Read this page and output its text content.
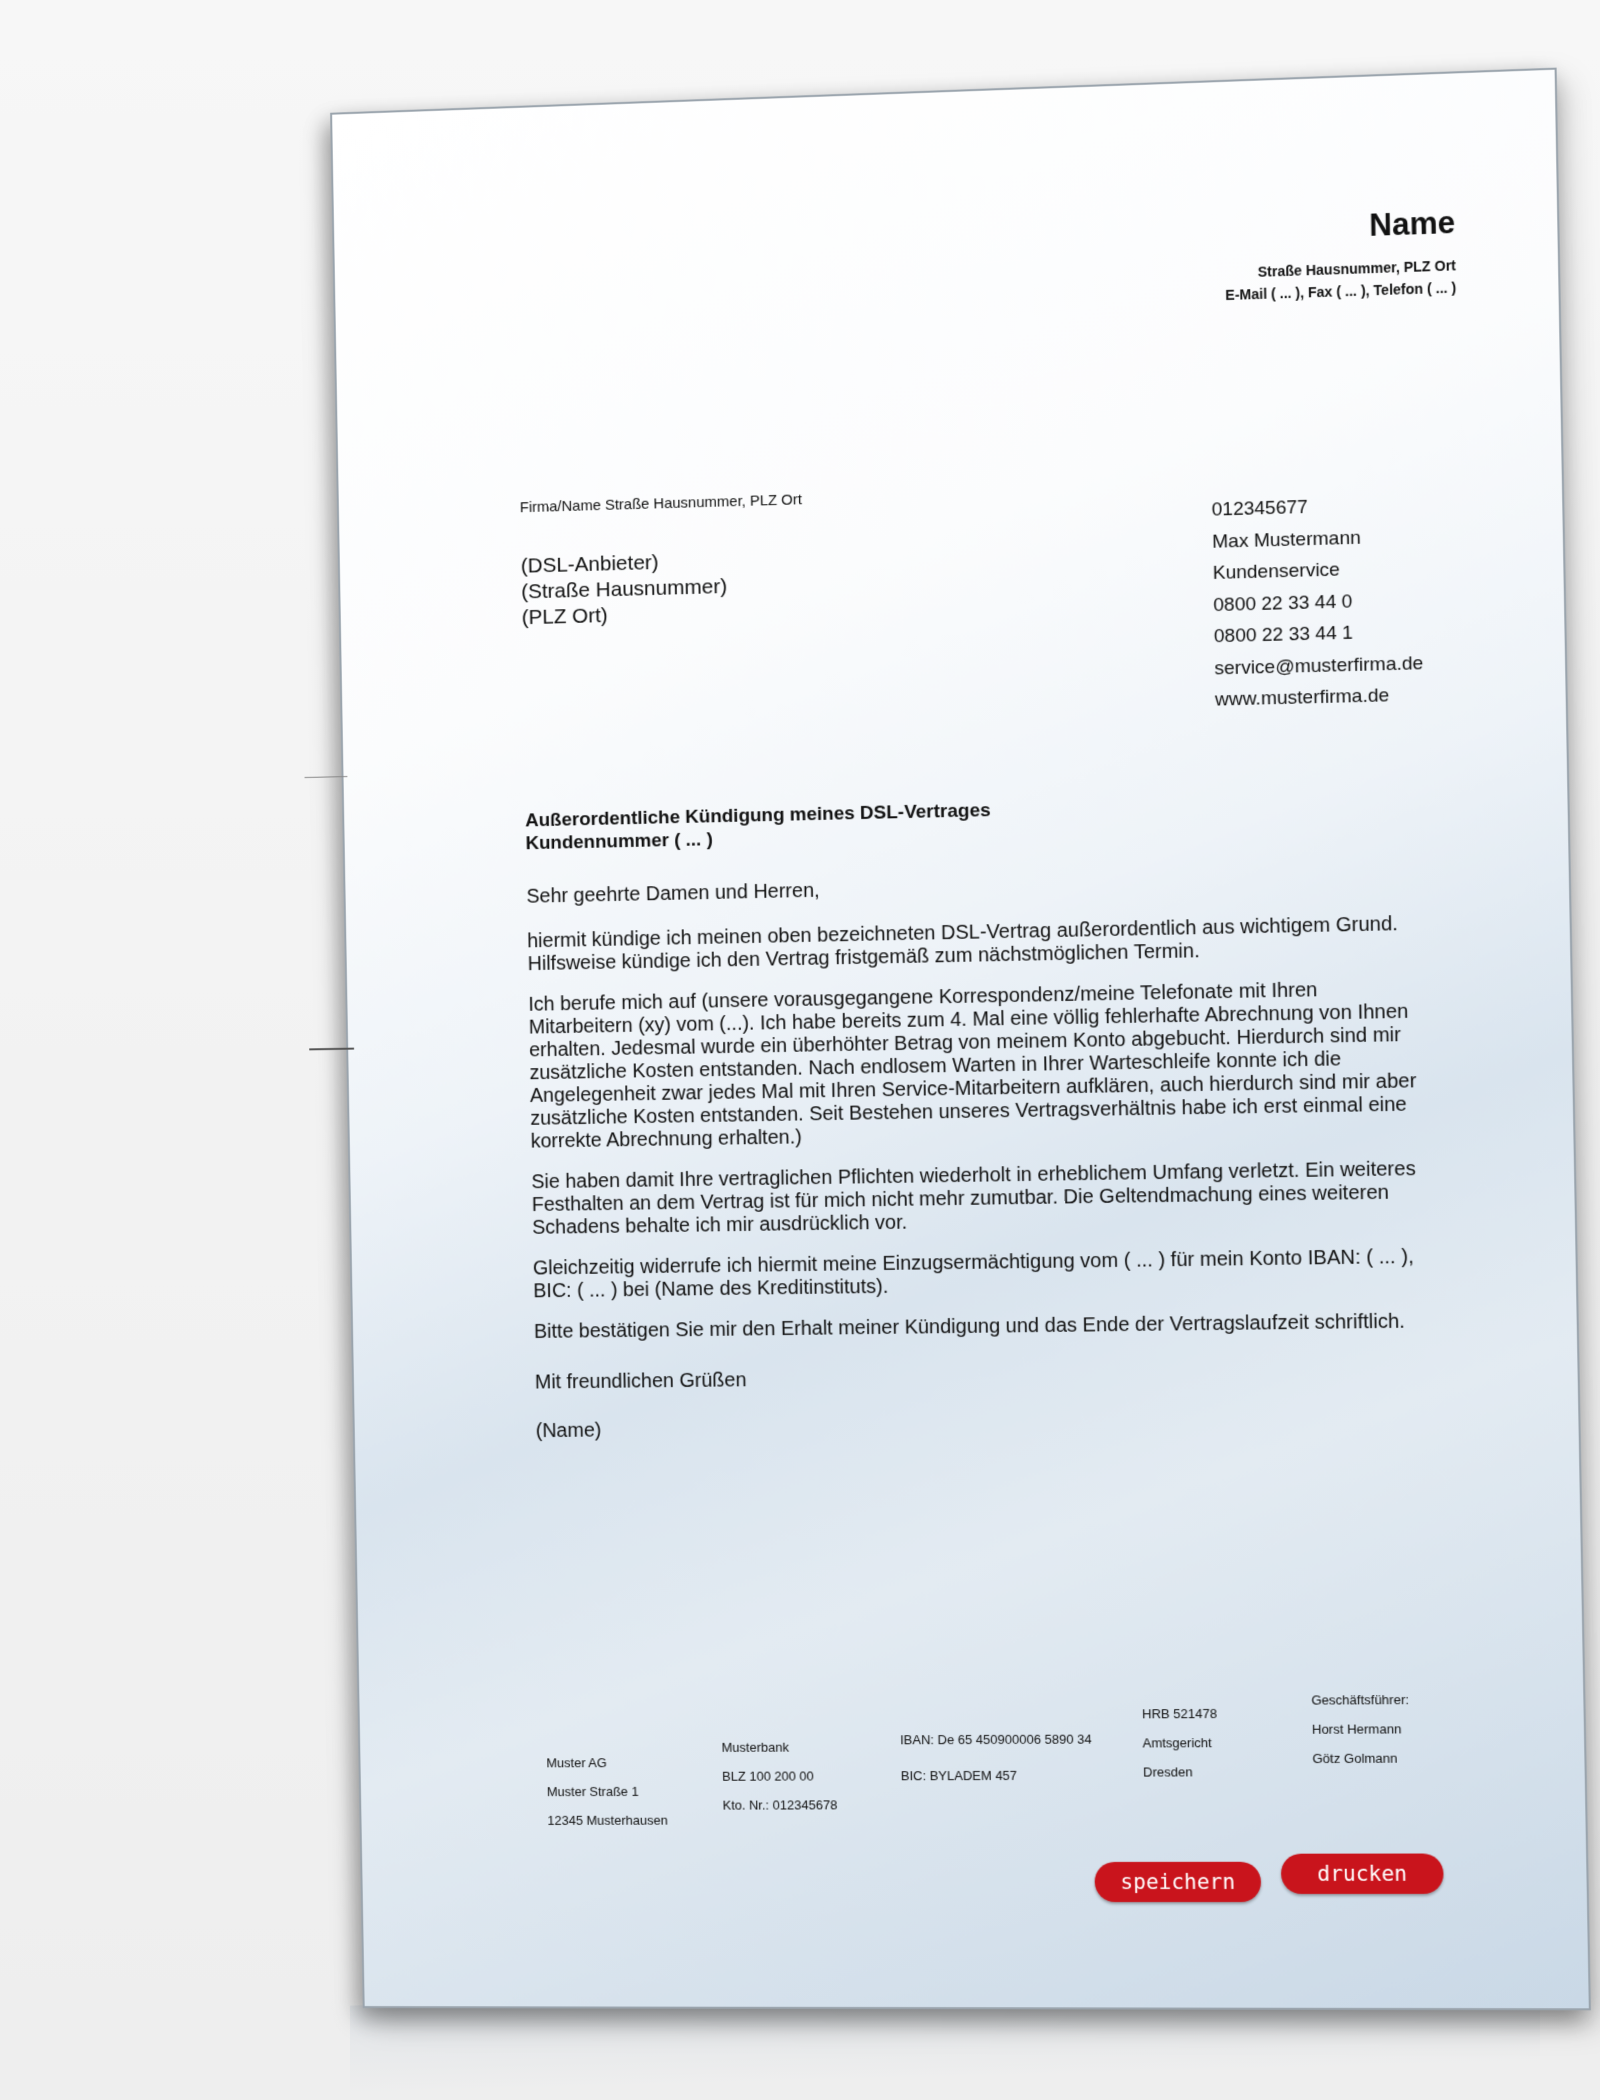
Name
Straße Hausnummer, PLZ Ort
E-Mail ( ... ), Fax ( ... ), Telefon ( ... )
Firma/Name Straße Hausnummer, PLZ Ort
(DSL-Anbieter)
(Straße Hausnummer)
(PLZ Ort)
012345677
Max Mustermann
Kundenservice
0800 22 33 44 0
0800 22 33 44 1
service@musterfirma.de
www.musterfirma.de
Außerordentliche Kündigung meines DSL-Vertrages
Kundennummer ( ... )

Sehr geehrte Damen und Herren,

hiermit kündige ich meinen oben bezeichneten DSL-Vertrag außerordentlich aus wichtigem Grund. Hilfsweise kündige ich den Vertrag fristgemäß zum nächstmöglichen Termin.

Ich berufe mich auf (unsere vorausgegangene Korrespondenz/meine Telefonate mit Ihren Mitarbeitern (xy) vom (...). Ich habe bereits zum 4. Mal eine völlig fehlerhafte Abrechnung von Ihnen erhalten. Jedesmal wurde ein überhöhter Betrag von meinem Konto abgebucht. Hierdurch sind mir zusätzliche Kosten entstanden. Nach endlosem Warten in Ihrer Warteschleife konnte ich die Angelegenheit zwar jedes Mal mit Ihren Service-Mitarbeitern aufklären, auch hierdurch sind mir aber zusätzliche Kosten entstanden. Seit Bestehen unseres Vertragsverhältnis habe ich erst einmal eine korrekte Abrechnung erhalten.)

Sie haben damit Ihre vertraglichen Pflichten wiederholt in erheblichem Umfang verletzt. Ein weiteres Festhalten an dem Vertrag ist für mich nicht mehr zumutbar. Die Geltendmachung eines weiteren Schadens behalte ich mir ausdrücklich vor.

Gleichzeitig widerrufe ich hiermit meine Einzugsermächtigung vom ( ... ) für mein Konto IBAN: ( ... ), BIC: ( ... ) bei (Name des Kreditinstituts).

Bitte bestätigen Sie mir den Erhalt meiner Kündigung und das Ende der Vertragslaufzeit schriftlich.

Mit freundlichen Grüßen

(Name)

Muster AG
Muster Straße 1
12345 Musterhausen
Musterbank
BLZ 100 200 00
Kto. Nr.: 012345678
IBAN: De 65 450900006 5890 34
BIC: BYLADEM 457
HRB 521478
Amtsgericht
Dresden
Geschäftsführer:
Horst Hermann
Götz Golmann
speichern	drucken
